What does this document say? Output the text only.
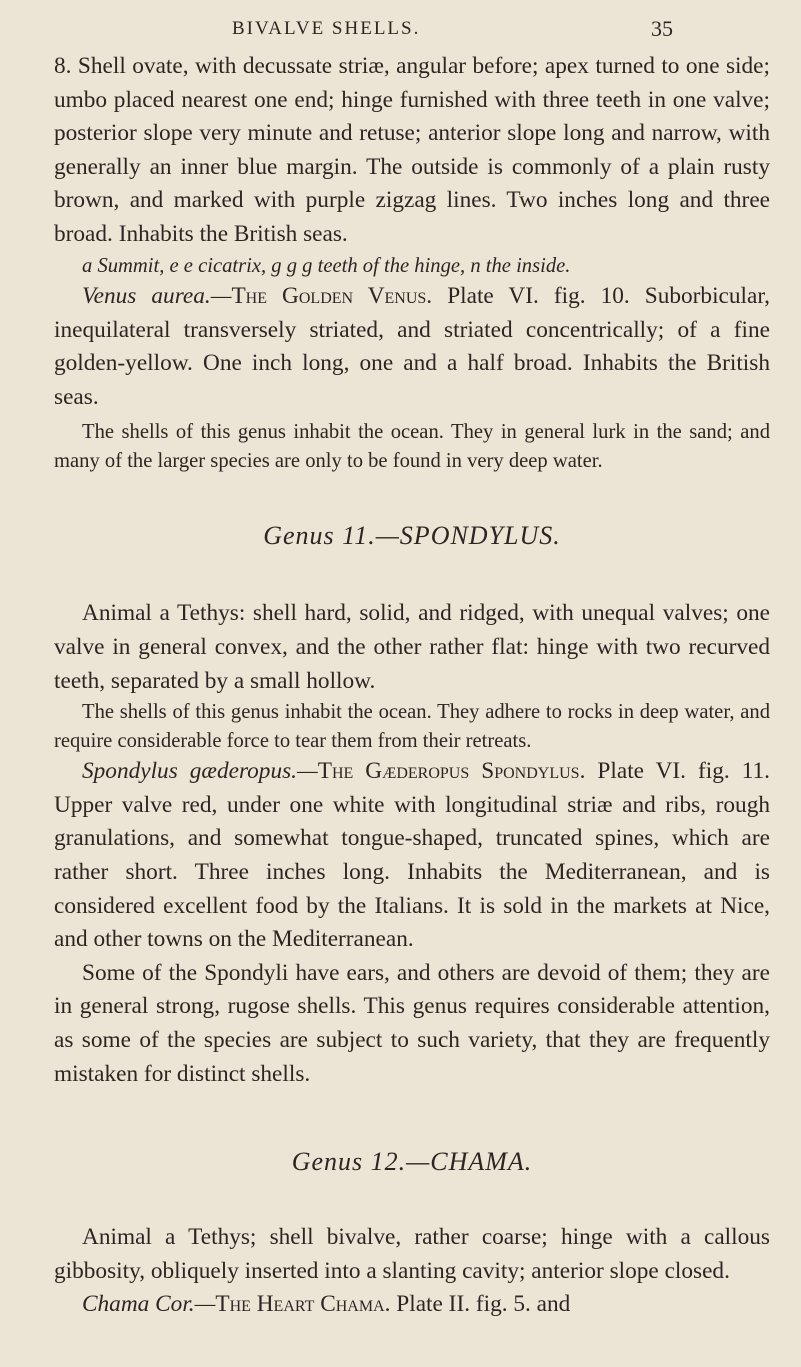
BIVALVE SHELLS.	35

8. Shell ovate, with decussate striæ, angular before; apex turned to one side; umbo placed nearest one end; hinge furnished with three teeth in one valve; posterior slope very minute and retuse; anterior slope long and narrow, with generally an inner blue margin. The outside is commonly of a plain rusty brown, and marked with purple zigzag lines. Two inches long and three broad. Inhabits the British seas.

a Summit, e e cicatrix, g g g teeth of the hinge, n the inside.

Venus aurea.—The Golden Venus. Plate VI. fig. 10. Suborbicular, inequilateral transversely striated, and striated concentrically; of a fine golden-yellow. One inch long, one and a half broad. Inhabits the British seas.

The shells of this genus inhabit the ocean. They in general lurk in the sand; and many of the larger species are only to be found in very deep water.

Genus 11.—SPONDYLUS.

Animal a Tethys: shell hard, solid, and ridged, with unequal valves; one valve in general convex, and the other rather flat: hinge with two recurved teeth, separated by a small hollow.

The shells of this genus inhabit the ocean. They adhere to rocks in deep water, and require considerable force to tear them from their retreats.

Spondylus gæderopus.—The Gæderopus Spondylus. Plate VI. fig. 11. Upper valve red, under one white with longitudinal striæ and ribs, rough granulations, and somewhat tongue-shaped, truncated spines, which are rather short. Three inches long. Inhabits the Mediterranean, and is considered excellent food by the Italians. It is sold in the markets at Nice, and other towns on the Mediterranean.

Some of the Spondyli have ears, and others are devoid of them; they are in general strong, rugose shells. This genus requires considerable attention, as some of the species are subject to such variety, that they are frequently mistaken for distinct shells.

Genus 12.—CHAMA.

Animal a Tethys; shell bivalve, rather coarse; hinge with a callous gibbosity, obliquely inserted into a slanting cavity; anterior slope closed.

Chama Cor.—The Heart Chama. Plate II. fig. 5. and
